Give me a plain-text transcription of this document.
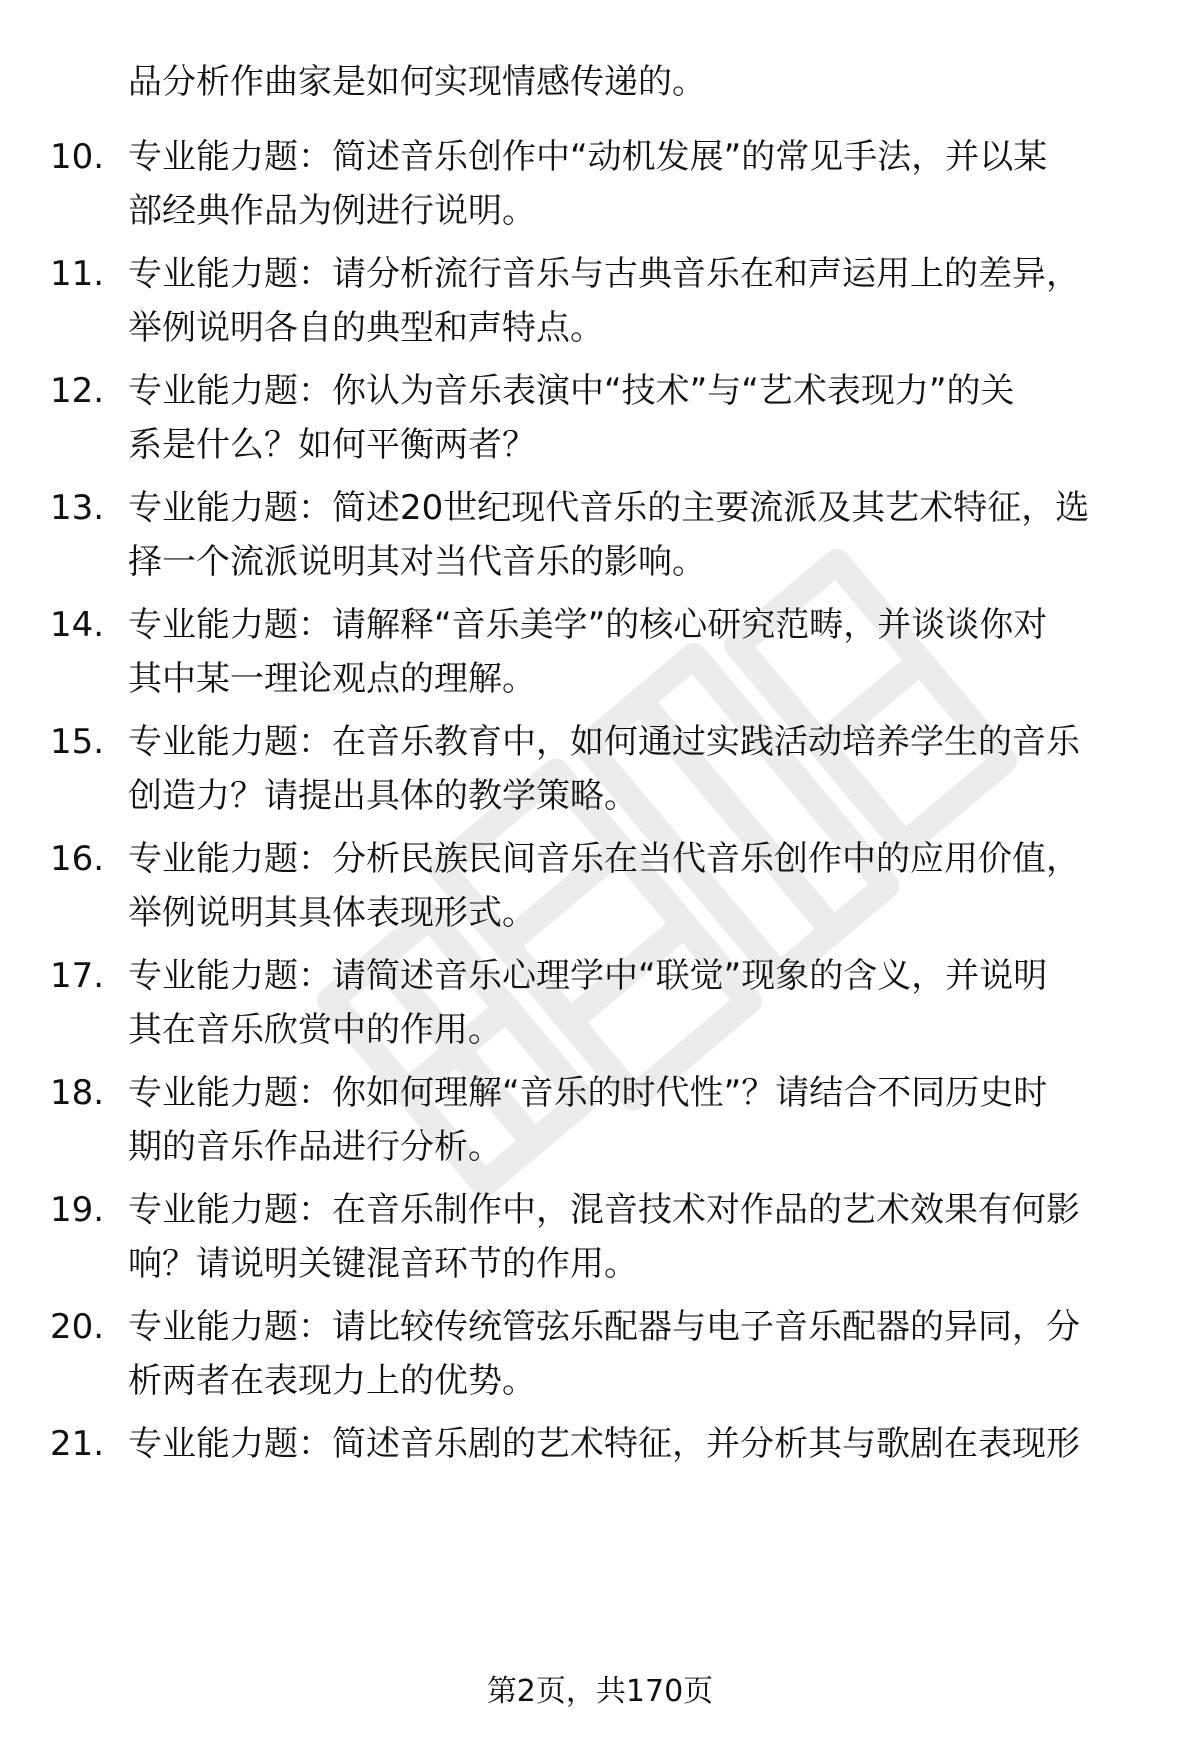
品分析作曲家是如何实现情感传递的。
10. 专业能力题：简述音乐创作中“动机发展”的常见手法，并以某
部经典作品为例进行说明。
11. 专业能力题：请分析流行音乐与古典音乐在和声运用上的差异，
举例说明各自的典型和声特点。
12. 专业能力题：你认为音乐表演中“技术”与“艺术表现力”的关
系是什么？如何平衡两者？
13. 专业能力题：简述20世纪现代音乐的主要流派及其艺术特征，选
择一个流派说明其对当代音乐的影响。
14. 专业能力题：请解释“音乐美学”的核心研究范畴，并谈谈你对
其中某一理论观点的理解。
15. 专业能力题：在音乐教育中，如何通过实践活动培养学生的音乐
创造力？请提出具体的教学策略。
16. 专业能力题：分析民族民间音乐在当代音乐创作中的应用价值，
举例说明其具体表现形式。
17. 专业能力题：请简述音乐心理学中“联觉”现象的含义，并说明
其在音乐欣赏中的作用。
18. 专业能力题：你如何理解“音乐的时代性”？请结合不同历史时
期的音乐作品进行分析。
19. 专业能力题：在音乐制作中，混音技术对作品的艺术效果有何影
响？请说明关键混音环节的作用。
20. 专业能力题：请比较传统管弦乐配器与电子音乐配器的异同，分
析两者在表现力上的优势。
21. 专业能力题：简述音乐剧的艺术特征，并分析其与歌剧在表现形
第2页，共170页
